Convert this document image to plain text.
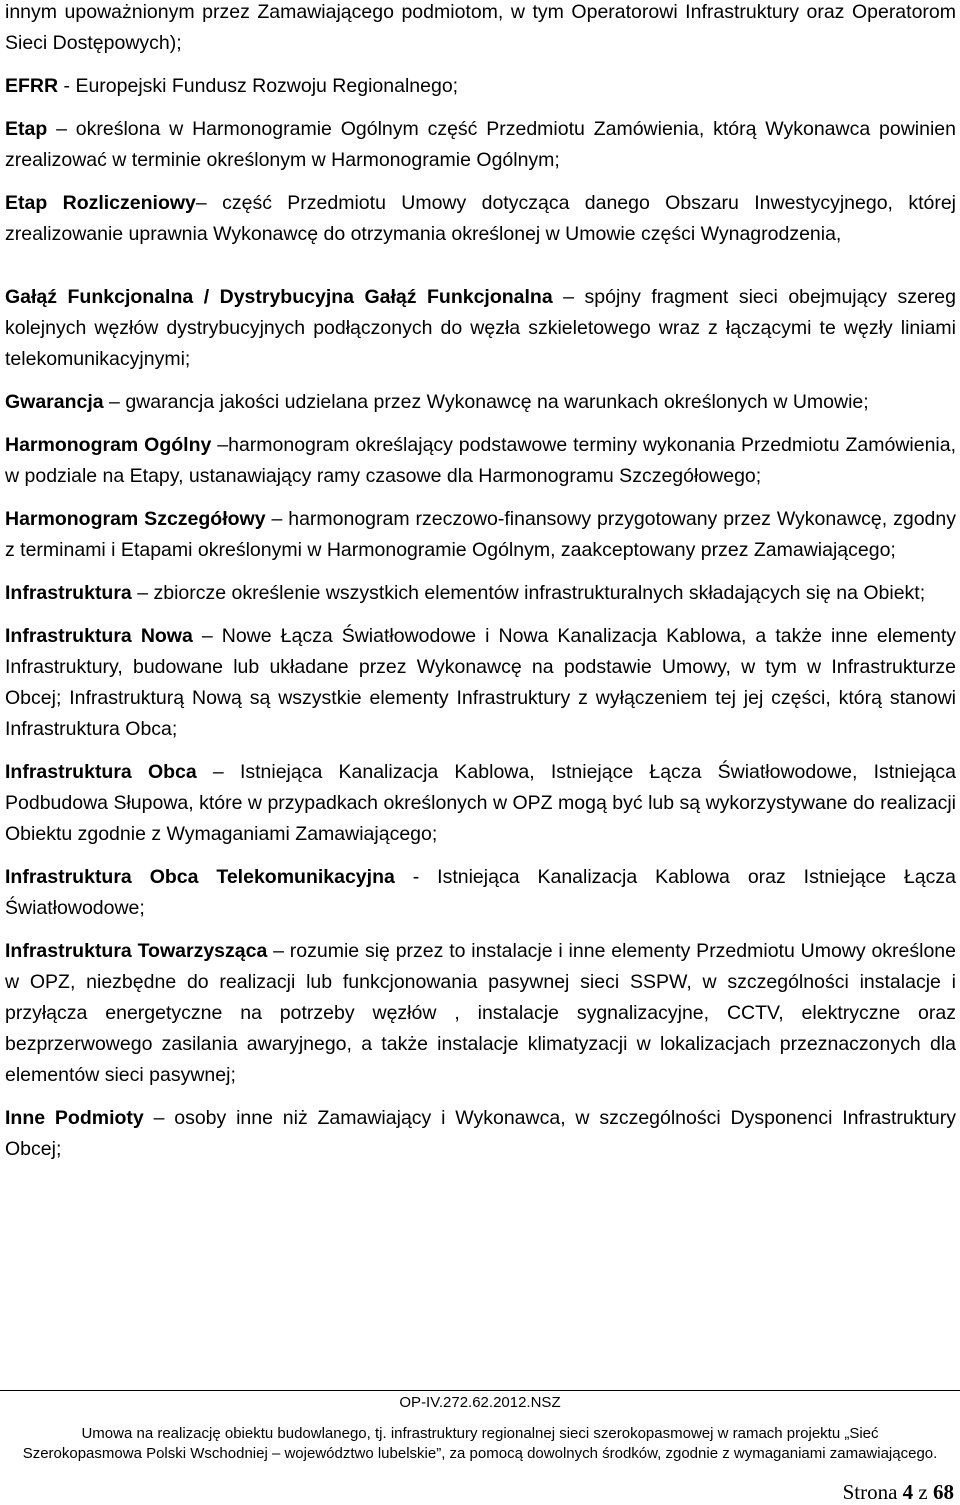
innym upoważnionym przez Zamawiającego podmiotom, w tym Operatorowi Infrastruktury oraz Operatorom Sieci Dostępowych);

EFRR - Europejski Fundusz Rozwoju Regionalnego;

Etap – określona w Harmonogramie Ogólnym część Przedmiotu Zamówienia, którą Wykonawca powinien zrealizować w terminie określonym w Harmonogramie Ogólnym;

Etap Rozliczeniowy– część Przedmiotu Umowy dotycząca danego Obszaru Inwestycyjnego, której zrealizowanie uprawnia Wykonawcę do otrzymania określonej w Umowie części Wynagrodzenia,

Gałąź Funkcjonalna / Dystrybucyjna Gałąź Funkcjonalna – spójny fragment sieci obejmujący szereg kolejnych węzłów dystrybucyjnych podłączonych do węzła szkieletowego wraz z łączącymi te węzły liniami telekomunikacyjnymi;

Gwarancja – gwarancja jakości udzielana przez Wykonawcę na warunkach określonych w Umowie;

Harmonogram Ogólny –harmonogram określający podstawowe terminy wykonania Przedmiotu Zamówienia, w podziale na Etapy, ustanawiający ramy czasowe dla Harmonogramu Szczegółowego;

Harmonogram Szczegółowy – harmonogram rzeczowo-finansowy przygotowany przez Wykonawcę, zgodny z terminami i Etapami określonymi w Harmonogramie Ogólnym, zaakceptowany przez Zamawiającego;

Infrastruktura – zbiorcze określenie wszystkich elementów infrastrukturalnych składających się na Obiekt;

Infrastruktura Nowa – Nowe Łącza Światłowodowe i Nowa Kanalizacja Kablowa, a także inne elementy Infrastruktury, budowane lub układane przez Wykonawcę na podstawie Umowy, w tym w Infrastrukturze Obcej; Infrastrukturą Nową są wszystkie elementy Infrastruktury z wyłączeniem tej jej części, którą stanowi Infrastruktura Obca;

Infrastruktura Obca – Istniejąca Kanalizacja Kablowa, Istniejące Łącza Światłowodowe, Istniejąca Podbudowa Słupowa, które w przypadkach określonych w OPZ mogą być lub są wykorzystywane do realizacji Obiektu zgodnie z Wymaganiami Zamawiającego;

Infrastruktura Obca Telekomunikacyjna - Istniejąca Kanalizacja Kablowa oraz Istniejące Łącza Światłowodowe;

Infrastruktura Towarzysząca – rozumie się przez to instalacje i inne elementy Przedmiotu Umowy określone w OPZ, niezbędne do realizacji lub funkcjonowania pasywnej sieci SSPW, w szczególności instalacje i przyłącza energetyczne na potrzeby węzłów , instalacje sygnalizacyjne, CCTV, elektryczne oraz bezprzerwowego zasilania awaryjnego, a także instalacje klimatyzacji w lokalizacjach przeznaczonych dla elementów sieci pasywnej;

Inne Podmioty – osoby inne niż Zamawiający i Wykonawca, w szczególności Dysponenci Infrastruktury Obcej;

OP-IV.272.62.2012.NSZ
Umowa na realizację obiektu budowlanego, tj. infrastruktury regionalnej sieci szerokopasmowej w ramach projektu „Sieć Szerokopasmowa Polski Wschodniej – województwo lubelskie”, za pomocą dowolnych środków, zgodnie z wymaganiami zamawiającego.
Strona 4 z 68
